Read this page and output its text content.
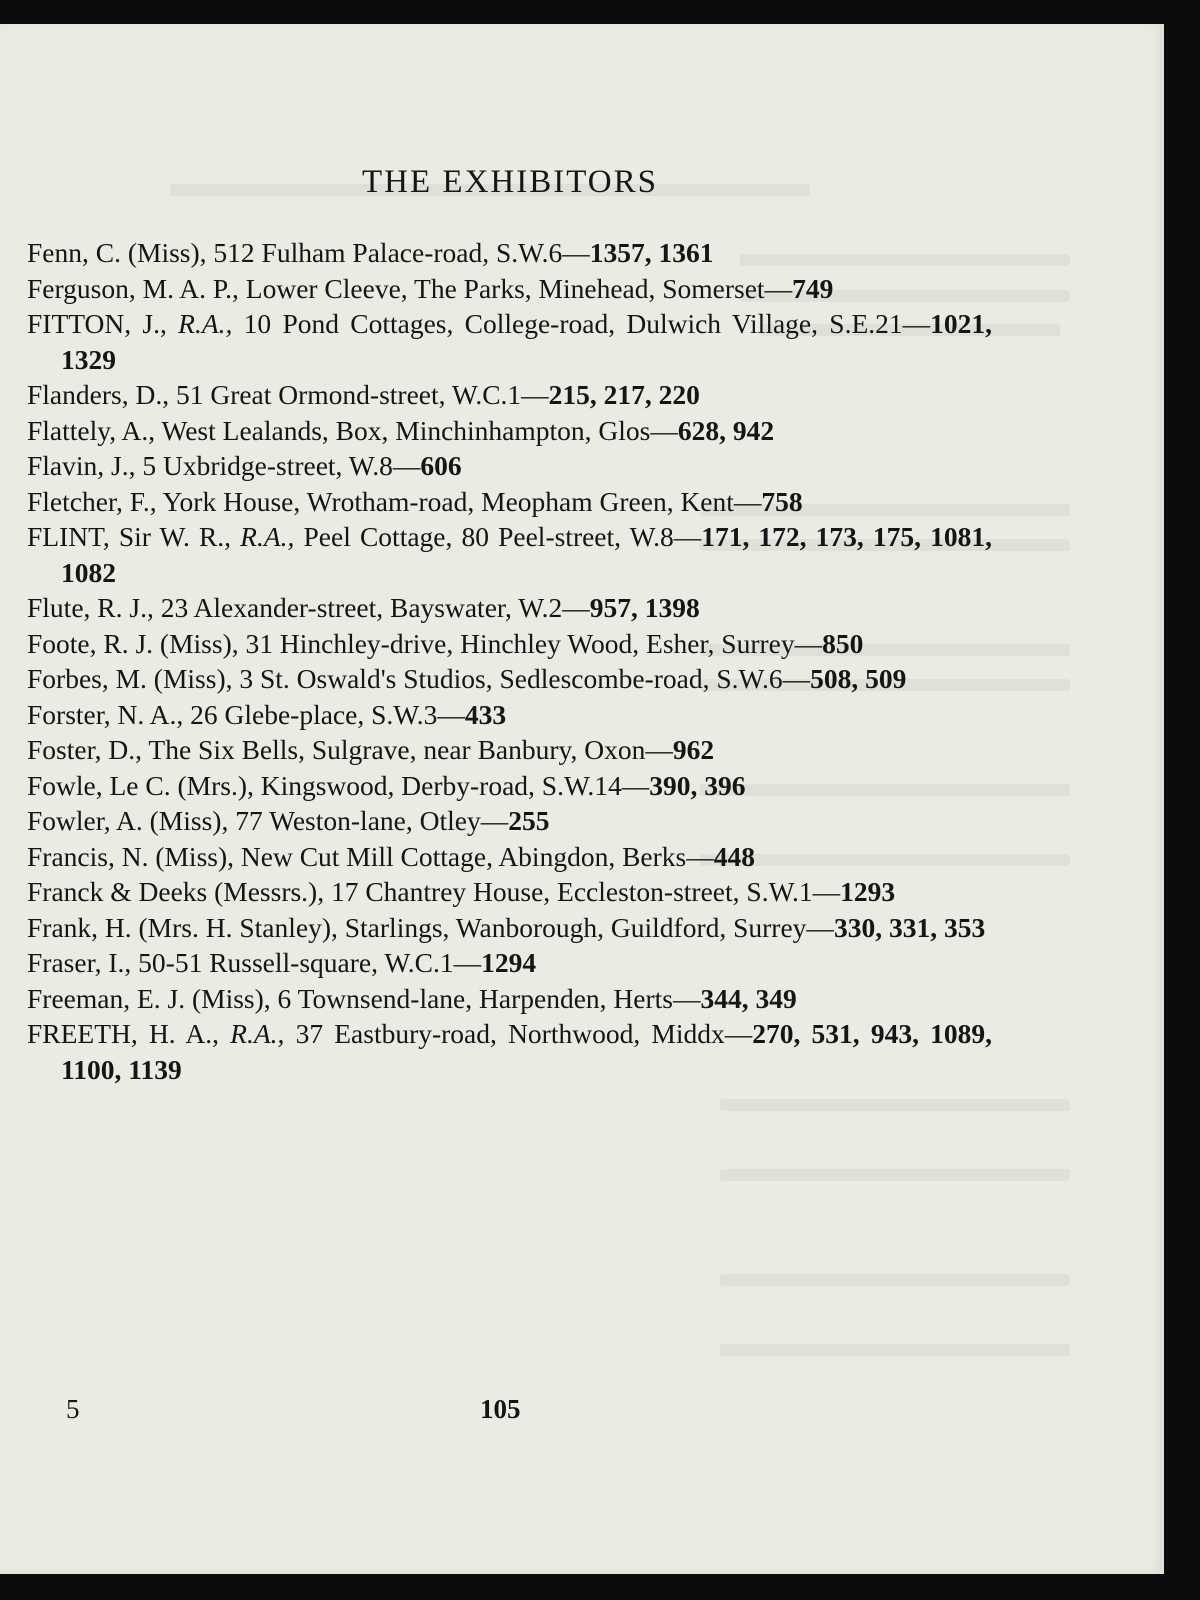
THE EXHIBITORS

Fenn, C. (Miss), 512 Fulham Palace-road, S.W.6—1357, 1361

Ferguson, M. A. P., Lower Cleeve, The Parks, Minehead, Somerset—749

FITTON, J., R.A., 10 Pond Cottages, College-road, Dulwich Village, S.E.21—1021, 1329

Flanders, D., 51 Great Ormond-street, W.C.1—215, 217, 220

Flattely, A., West Lealands, Box, Minchinhampton, Glos—628, 942

Flavin, J., 5 Uxbridge-street, W.8—606

Fletcher, F., York House, Wrotham-road, Meopham Green, Kent—758

FLINT, Sir W. R., R.A., Peel Cottage, 80 Peel-street, W.8—171, 172, 173, 175, 1081, 1082

Flute, R. J., 23 Alexander-street, Bayswater, W.2—957, 1398

Foote, R. J. (Miss), 31 Hinchley-drive, Hinchley Wood, Esher, Surrey—850

Forbes, M. (Miss), 3 St. Oswald's Studios, Sedlescombe-road, S.W.6—508, 509

Forster, N. A., 26 Glebe-place, S.W.3—433

Foster, D., The Six Bells, Sulgrave, near Banbury, Oxon—962

Fowle, Le C. (Mrs.), Kingswood, Derby-road, S.W.14—390, 396

Fowler, A. (Miss), 77 Weston-lane, Otley—255

Francis, N. (Miss), New Cut Mill Cottage, Abingdon, Berks—448

Franck & Deeks (Messrs.), 17 Chantrey House, Eccleston-street, S.W.1—1293

Frank, H. (Mrs. H. Stanley), Starlings, Wanborough, Guildford, Surrey—330, 331, 353

Fraser, I., 50-51 Russell-square, W.C.1—1294

Freeman, E. J. (Miss), 6 Townsend-lane, Harpenden, Herts—344, 349

FREETH, H. A., R.A., 37 Eastbury-road, Northwood, Middx—270, 531, 943, 1089, 1100, 1139

5	105
